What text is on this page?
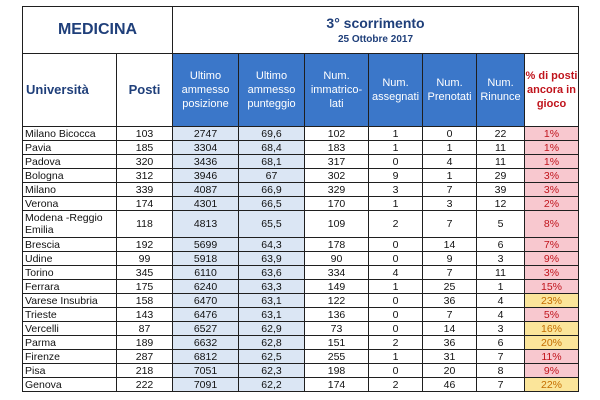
MEDICINA		3° scorrimento
25 Ottobre 2017						

Università	Posti	Ultimo ammesso posizione	Ultimo ammesso punteggio	Num. immatrico-lati	Num. assegnati	Num. Prenotati	Num. Rinunce	% di posti ancora in gioco
Milano Bicocca	103	2747	69,6	102	1	0	22	1%
Pavia	185	3304	68,4	183	1	1	11	1%
Padova	320	3436	68,1	317	0	4	11	1%
Bologna	312	3946	67	302	9	1	29	3%
Milano	339	4087	66,9	329	3	7	39	3%
Verona	174	4301	66,5	170	1	3	12	2%
Modena -Reggio Emilia	118	4813	65,5	109	2	7	5	8%
Brescia	192	5699	64,3	178	0	14	6	7%
Udine	99	5918	63,9	90	0	9	3	9%
Torino	345	6110	63,6	334	4	7	11	3%
Ferrara	175	6240	63,3	149	1	25	1	15%
Varese Insubria	158	6470	63,1	122	0	36	4	23%
Trieste	143	6476	63,1	136	0	7	4	5%
Vercelli	87	6527	62,9	73	0	14	3	16%
Parma	189	6632	62,8	151	2	36	6	20%
Firenze	287	6812	62,5	255	1	31	7	11%
Pisa	218	7051	62,3	198	0	20	8	9%
Genova	222	7091	62,2	174	2	46	7	22%
